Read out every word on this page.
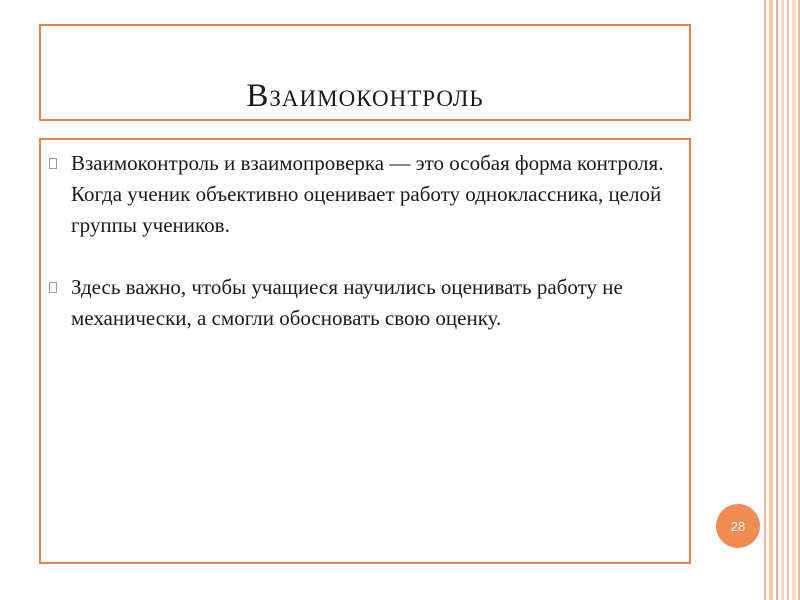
Взаимоконтроль
Взаимоконтроль и взаимопроверка — это особая форма контроля. Когда ученик объективно оценивает работу одноклассника, целой группы учеников.
Здесь важно, чтобы учащиеся научились оценивать работу не механически, а смогли обосновать свою оценку.
28
